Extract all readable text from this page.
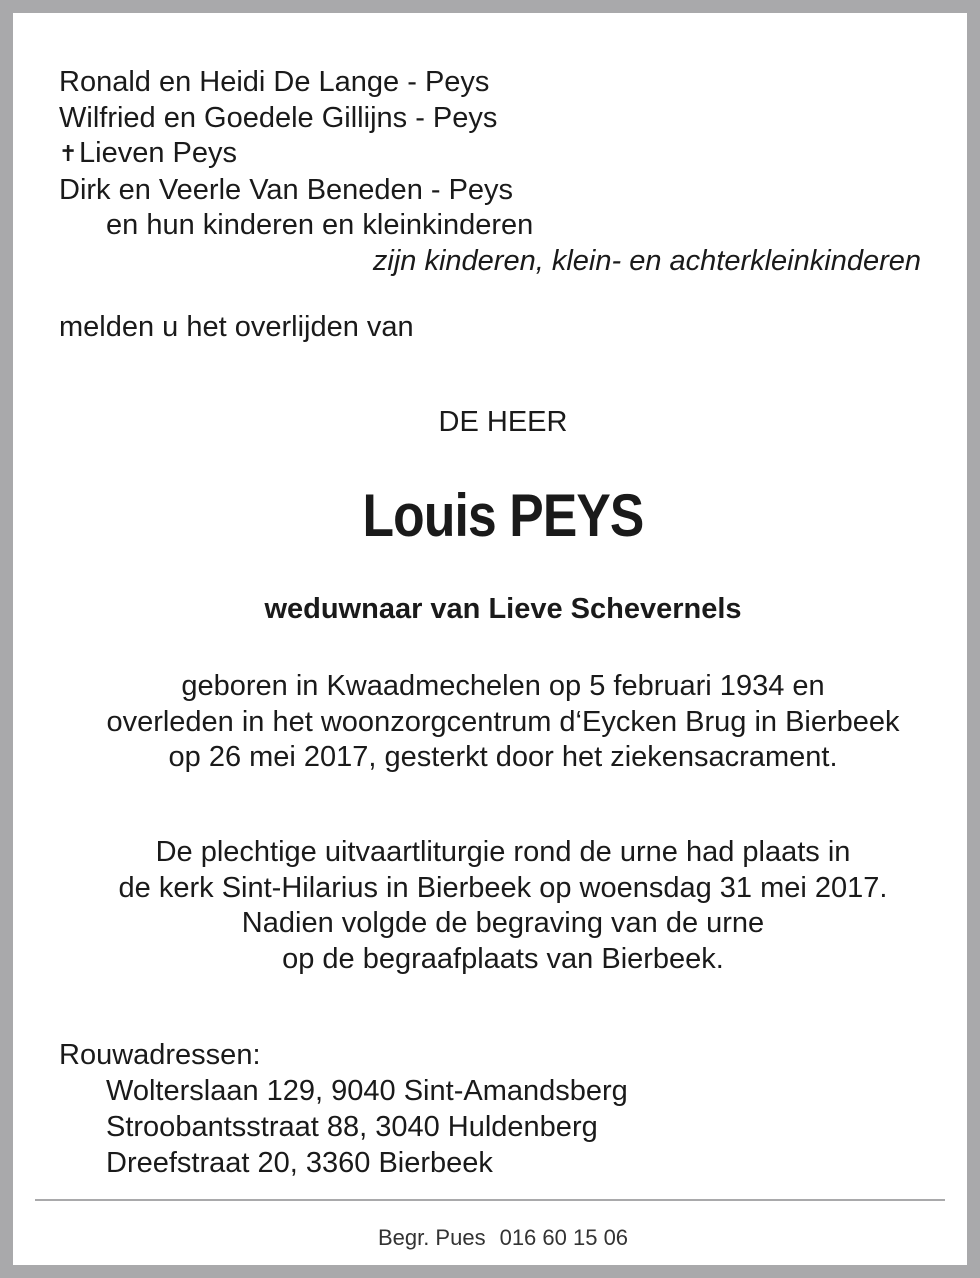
Ronald en Heidi De Lange - Peys
Wilfried en Goedele Gillijns - Peys
✝Lieven Peys
Dirk en Veerle Van Beneden - Peys
en hun kinderen en kleinkinderen
zijn kinderen, klein- en achterkleinkinderen
melden u het overlijden van
DE HEER
Louis PEYS
weduwnaar van Lieve Schevernels
geboren in Kwaadmechelen op 5 februari 1934 en
overleden in het woonzorgcentrum d‘Eycken Brug in Bierbeek
op 26 mei 2017, gesterkt door het ziekensacrament.
De plechtige uitvaartliturgie rond de urne had plaats in
de kerk Sint-Hilarius in Bierbeek op woensdag 31 mei 2017.
Nadien volgde de begraving van de urne
op de begraafplaats van Bierbeek.
Rouwadressen:
Wolterslaan 129, 9040 Sint-Amandsberg
Stroobantsstraat 88, 3040 Huldenberg
Dreefstraat 20, 3360 Bierbeek
Begr. Pues 016 60 15 06
